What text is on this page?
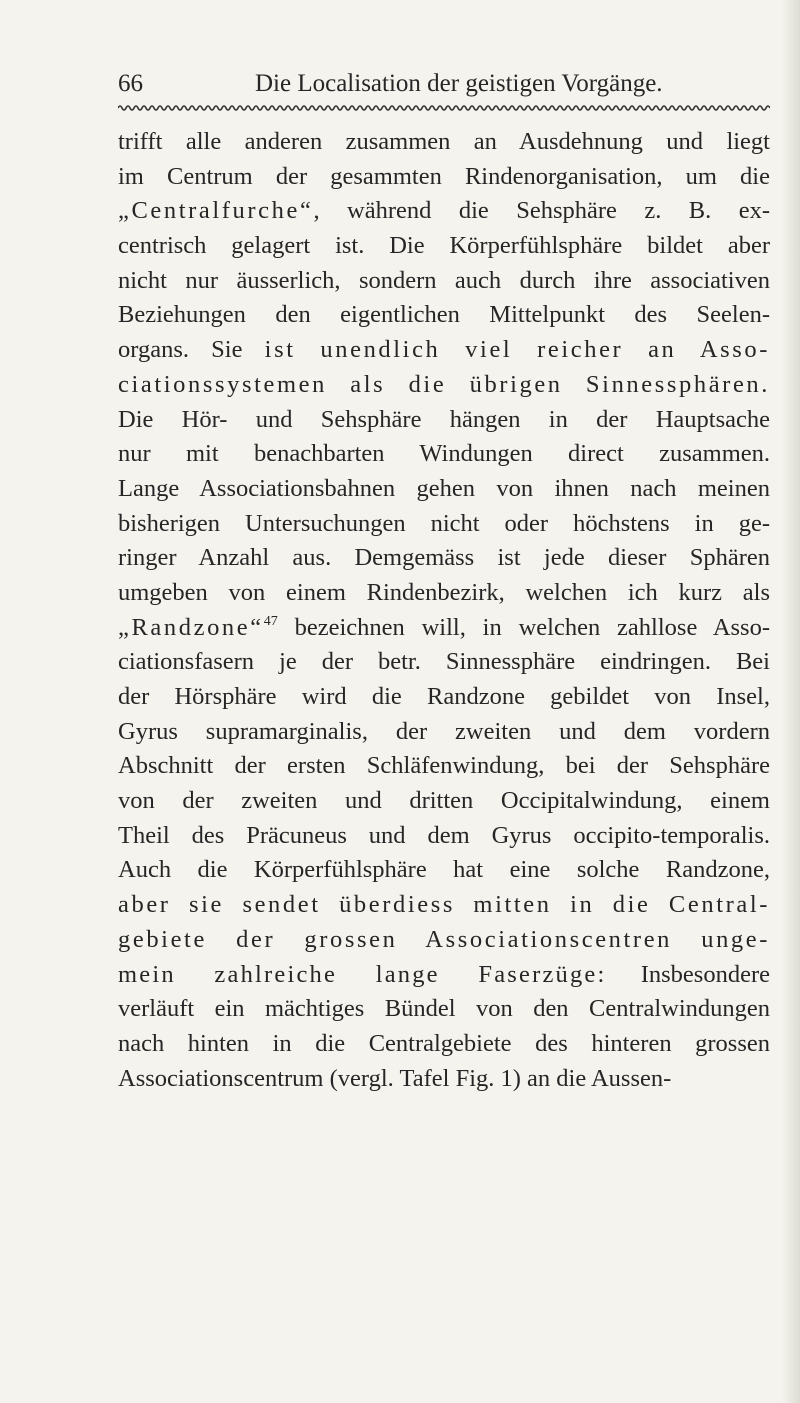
66	Die Localisation der geistigen Vorgänge.
trifft alle anderen zusammen an Ausdehnung und liegt
im Centrum der gesammten Rindenorganisation, um die
„Centralfurche“, während die Sehsphäre z. B. ex-
centrisch gelagert ist. Die Körperfühlsphäre bildet aber
nicht nur äusserlich, sondern auch durch ihre associativen
Beziehungen den eigentlichen Mittelpunkt des Seelen-
organs. Sie ist unendlich viel reicher an Asso-
ciationssystemen als die übrigen Sinnessphären.
Die Hör- und Sehsphäre hängen in der Hauptsache
nur mit benachbarten Windungen direct zusammen.
Lange Associationsbahnen gehen von ihnen nach meinen
bisherigen Untersuchungen nicht oder höchstens in ge-
ringer Anzahl aus. Demgemäss ist jede dieser Sphären
umgeben von einem Rindenbezirk, welchen ich kurz als
„Randzone“$^{47}$ bezeichnen will, in welchen zahllose Asso-
ciationsfasern je der betr. Sinnessphäre eindringen. Bei
der Hörsphäre wird die Randzone gebildet von Insel,
Gyrus supramarginalis, der zweiten und dem vordern
Abschnitt der ersten Schläfenwindung, bei der Sehsphäre
von der zweiten und dritten Occipitalwindung, einem
Theil des Präcuneus und dem Gyrus occipito-temporalis.
Auch die Körperfühlsphäre hat eine solche Randzone,
aber sie sendet überdiess mitten in die Central-
gebiete der grossen Associationscentren unge-
mein zahlreiche lange Faserzüge: Insbesondere
verläuft ein mächtiges Bündel von den Centralwindungen
nach hinten in die Centralgebiete des hinteren grossen
Associationscentrum (vergl. Tafel Fig. 1) an die Aussen-
